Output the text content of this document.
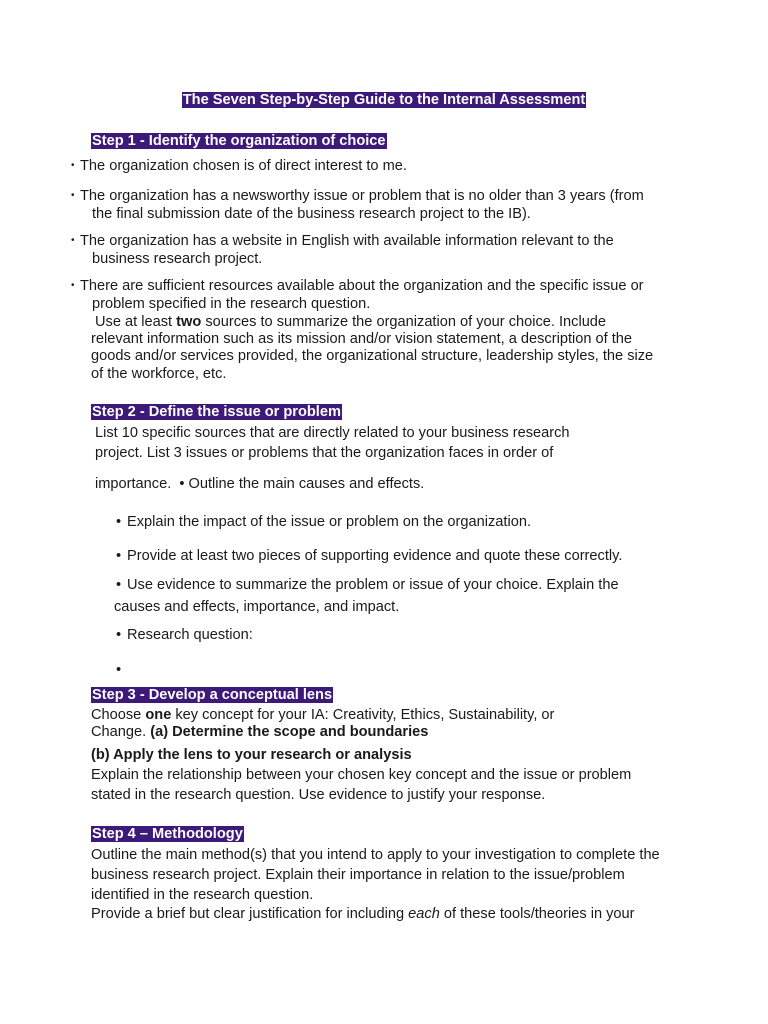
The Seven Step-by-Step Guide to the Internal Assessment
Step 1 - Identify the organization of choice
• The organization chosen is of direct interest to me.
• The organization has a newsworthy issue or problem that is no older than 3 years (from
the final submission date of the business research project to the IB).
• The organization has a website in English with available information relevant to the
business research project.
• There are sufficient resources available about the organization and the specific issue or
problem specified in the research question.
Use at least two sources to summarize the organization of your choice. Include
relevant information such as its mission and/or vision statement, a description of the
goods and/or services provided, the organizational structure, leadership styles, the size
of the workforce, etc.
Step 2 - Define the issue or problem
List 10 specific sources that are directly related to your business research
project. List 3 issues or problems that the organization faces in order of
importance. • Outline the main causes and effects.
• Explain the impact of the issue or problem on the organization.
• Provide at least two pieces of supporting evidence and quote these correctly.
• Use evidence to summarize the problem or issue of your choice. Explain the
causes and effects, importance, and impact.
• Research question:
•
Step 3 - Develop a conceptual lens
Choose one key concept for your IA: Creativity, Ethics, Sustainability, or
Change. (a) Determine the scope and boundaries
(b) Apply the lens to your research or analysis
Explain the relationship between your chosen key concept and the issue or problem
stated in the research question. Use evidence to justify your response.
Step 4 – Methodology
Outline the main method(s) that you intend to apply to your investigation to complete the
business research project. Explain their importance in relation to the issue/problem
identified in the research question.
Provide a brief but clear justification for including each of these tools/theories in your
